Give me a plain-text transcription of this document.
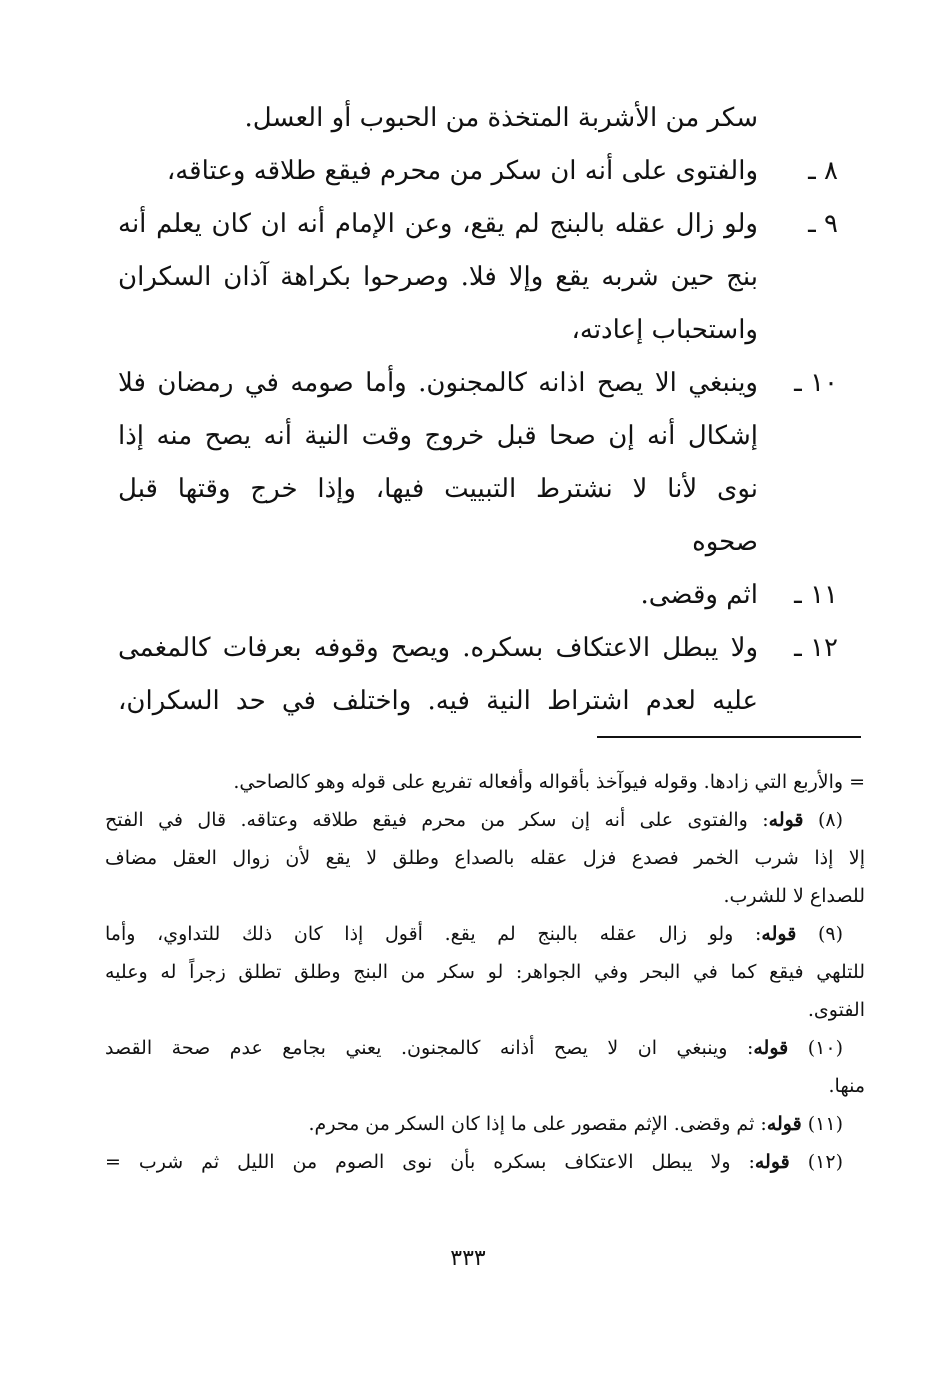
سكر من الأشربة المتخذة من الحبوب أو العسل.
٨ ـ
والفتوى على أنه ان سكر من محرم فيقع طلاقه وعتاقه،
٩ ـ
ولو زال عقله بالبنج لم يقع، وعن الإمام أنه ان كان يعلم أنه
بنج حين شربه يقع وإلا فلا. وصرحوا بكراهة آذان السكران
واستحباب إعادته،
١٠ ـ
وينبغي الا يصح اذانه كالمجنون. وأما صومه في رمضان فلا
إشكال أنه إن صحا قبل خروج وقت النية أنه يصح منه إذا
نوى لأنا لا نشترط التبييت فيها، وإذا خرج وقتها قبل
صحوه
١١ ـ
اثم وقضى.
١٢ ـ
ولا يبطل الاعتكاف بسكره. ويصح وقوفه بعرفات كالمغمى
عليه لعدم اشتراط النية فيه. واختلف في حد السكران،
= والأربع التي زادها. وقوله فيوآخذ بأقواله وأفعاله تفريع على قوله وهو كالصاحي.
(٨) قوله: والفتوى على أنه إن سكر من محرم فيقع طلاقه وعتاقه. قال في الفتح
إلا إذا شرب الخمر فصدع فزل عقله بالصداع وطلق لا يقع لأن زوال العقل مضاف
للصداع لا للشرب.
(٩) قوله: ولو زال عقله بالبنج لم يقع. أقول إذا كان ذلك للتداوي، وأما
للتلهي فيقع كما في البحر وفي الجواهر: لو سكر من البنج وطلق تطلق زجراً له وعليه
الفتوى.
(١٠) قوله: وينبغي ان لا يصح أذانه كالمجنون. يعني بجامع عدم صحة القصد
منها.
(١١) قوله: ثم وقضى. الإثم مقصور على ما إذا كان السكر من محرم.
(١٢) قوله: ولا يبطل الاعتكاف بسكره بأن نوى الصوم من الليل ثم شرب =
٣٣٣
